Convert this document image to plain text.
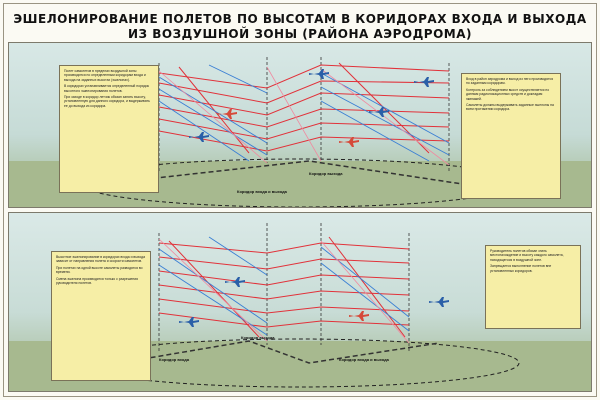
ЭШЕЛОНИРОВАНИЕ ПОЛЕТОВ ПО ВЫСОТАМ В КОРИДОРАХ ВХОДА И ВЫХОДА
ИЗ ВОЗДУШНОЙ ЗОНЫ (РАЙОНА АЭРОДРОМА)
Коридор выхода
Коридор входа и выхода

Полет самолетов в пределах воздушной зоны производится по определенным коридорам входа и выхода на заданных высотах (эшелонах).

В коридорах устанавливается определенный порядок высотного эшелонирования полетов.

При заходе в коридор летчик обязан занять высоту, установленную для данного коридора, и выдерживать ее до выхода из коридора.

Вход в район аэродрома и выход из него производятся по заданным коридорам.

Контроль за соблюдением высот осуществляется по данным радиолокационных средств и докладам экипажей.

Самолеты должны выдерживать заданные эшелоны на всем протяжении коридора.

Коридор входа
Коридор выхода
Коридор входа и выхода

Высотное эшелонирование в коридорах входа и выхода зависит от направления полета и скорости самолетов.

При полетах на одной высоте самолеты разводятся во времени.

Смена эшелона производится только с разрешения руководителя полетов.

Руководитель полетов обязан знать местонахождение и высоту каждого самолета, находящегося в воздушной зоне.

Запрещается выполнение полетов вне установленных коридоров.
